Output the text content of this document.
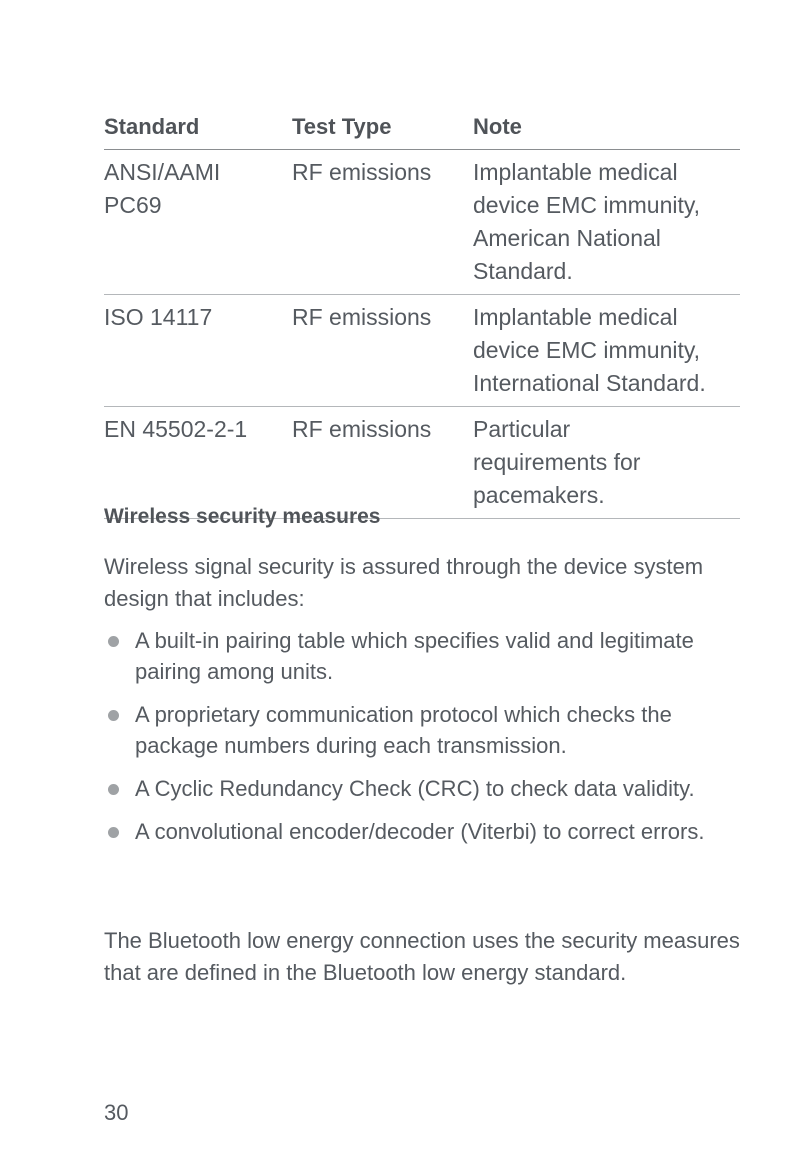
Standard	Test Type	Note
ANSI/AAMI PC69	RF emissions	Implantable medical device EMC immunity, American National Standard.
ISO 14117	RF emissions	Implantable medical device EMC immunity, International Standard.
EN 45502-2-1	RF emissions	Particular requirements for pacemakers.
Wireless security measures

Wireless signal security is assured through the device system design that includes:

A built-in pairing table which specifies valid and legitimate pairing among units.
A proprietary communication protocol which checks the package numbers during each transmission.
A Cyclic Redundancy Check (CRC) to check data validity.
A convolutional encoder/decoder (Viterbi) to correct errors.

The Bluetooth low energy connection uses the security measures that are defined in the Bluetooth low energy standard.

30
